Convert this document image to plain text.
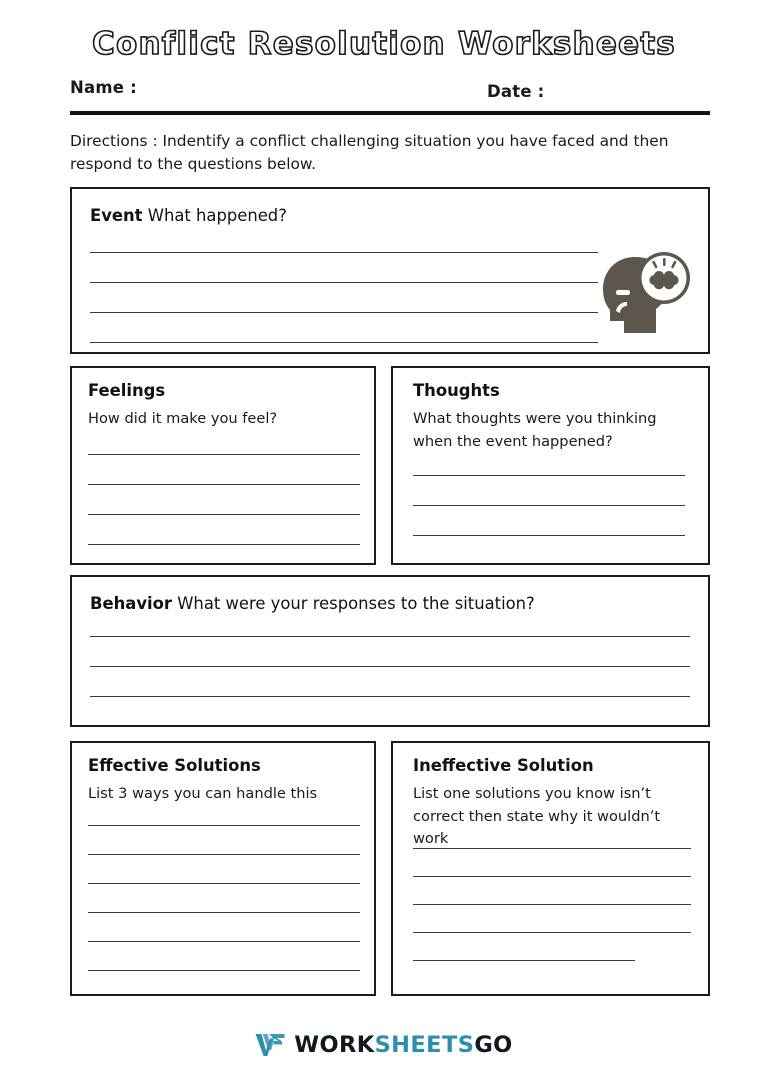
Conflict Resolution Worksheets
Name :	Date :
Directions : Indentify a conflict challenging situation you have faced and then respond to the questions below.
Event What happened?
Feelings
How did it make you feel?
Thoughts
What thoughts were you thinking when the event happened?
Behavior What were your responses to the situation?
Effective Solutions
List 3 ways you can handle this
Ineffective Solution
List one solutions you know isn’t correct then state why it wouldn’t work
WORKSHEETSGO
